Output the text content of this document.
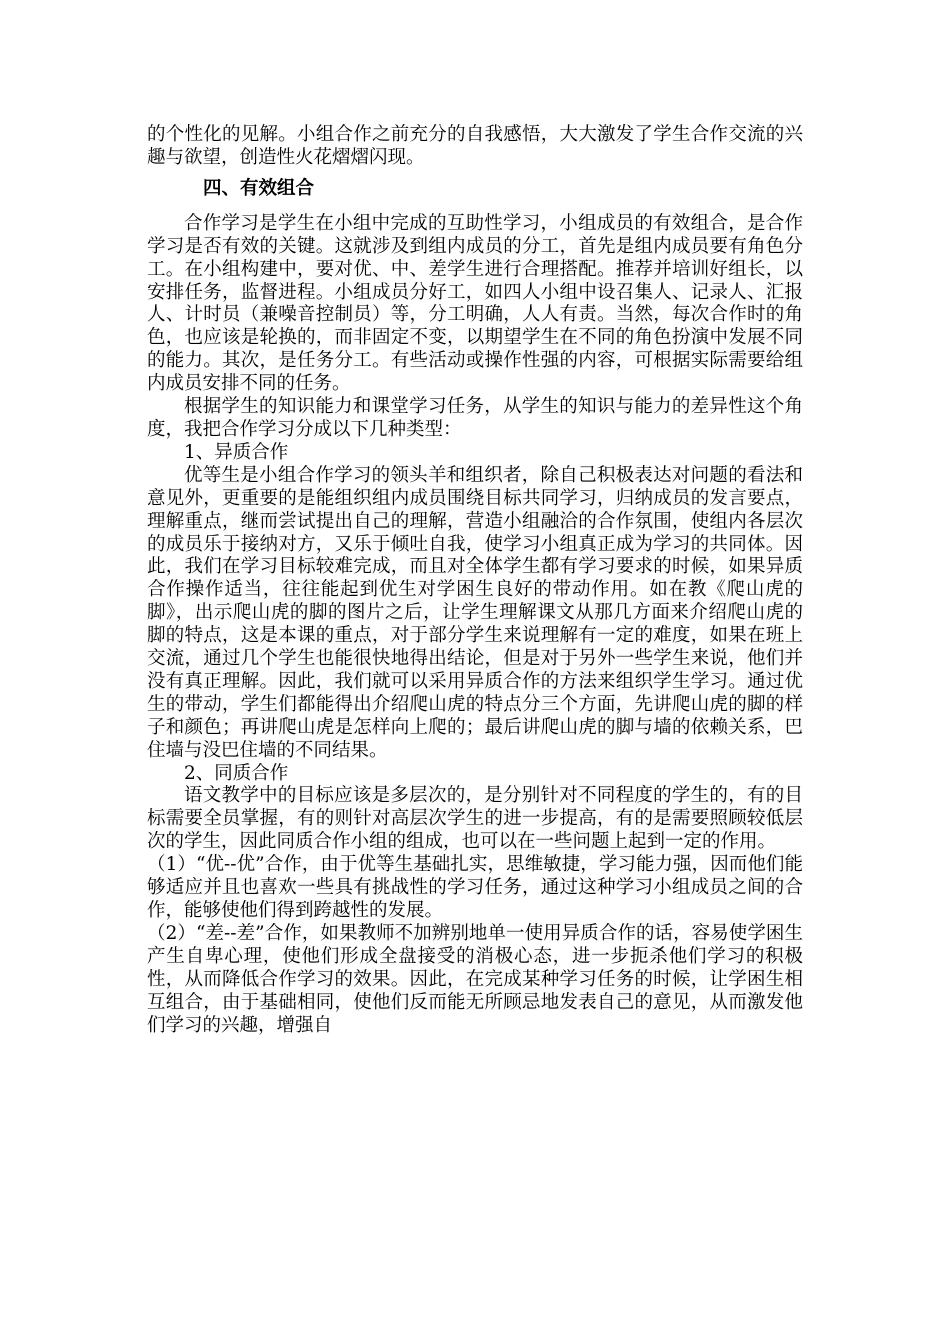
的个性化的见解。小组合作之前充分的自我感悟，大大激发了学生合作交流的兴趣与欲望，创造性火花熠熠闪现。

四、有效组合

合作学习是学生在小组中完成的互助性学习，小组成员的有效组合，是合作学习是否有效的关键。这就涉及到组内成员的分工，首先是组内成员要有角色分工。在小组构建中，要对优、中、差学生进行合理搭配。推荐并培训好组长，以安排任务，监督进程。小组成员分好工，如四人小组中设召集人、记录人、汇报人、计时员（兼噪音控制员）等，分工明确，人人有责。当然，每次合作时的角色，也应该是轮换的，而非固定不变，以期望学生在不同的角色扮演中发展不同的能力。其次，是任务分工。有些活动或操作性强的内容，可根据实际需要给组内成员安排不同的任务。

根据学生的知识能力和课堂学习任务，从学生的知识与能力的差异性这个角度，我把合作学习分成以下几种类型：

1、异质合作

优等生是小组合作学习的领头羊和组织者，除自己积极表达对问题的看法和意见外，更重要的是能组织组内成员围绕目标共同学习，归纳成员的发言要点，理解重点，继而尝试提出自己的理解，营造小组融洽的合作氛围，使组内各层次的成员乐于接纳对方，又乐于倾吐自我，使学习小组真正成为学习的共同体。因此，我们在学习目标较难完成，而且对全体学生都有学习要求的时候，如果异质合作操作适当，往往能起到优生对学困生良好的带动作用。如在教《爬山虎的脚》，出示爬山虎的脚的图片之后，让学生理解课文从那几方面来介绍爬山虎的脚的特点，这是本课的重点，对于部分学生来说理解有一定的难度，如果在班上交流，通过几个学生也能很快地得出结论，但是对于另外一些学生来说，他们并没有真正理解。因此，我们就可以采用异质合作的方法来组织学生学习。通过优生的带动，学生们都能得出介绍爬山虎的特点分三个方面，先讲爬山虎的脚的样子和颜色；再讲爬山虎是怎样向上爬的；最后讲爬山虎的脚与墙的依赖关系，巴住墙与没巴住墙的不同结果。

2、同质合作

语文教学中的目标应该是多层次的，是分别针对不同程度的学生的，有的目标需要全员掌握，有的则针对高层次学生的进一步提高，有的是需要照顾较低层次的学生，因此同质合作小组的组成，也可以在一些问题上起到一定的作用。

（1）“优--优”合作，由于优等生基础扎实，思维敏捷，学习能力强，因而他们能够适应并且也喜欢一些具有挑战性的学习任务，通过这种学习小组成员之间的合作，能够使他们得到跨越性的发展。

（2）“差--差”合作，如果教师不加辨别地单一使用异质合作的话，容易使学困生产生自卑心理，使他们形成全盘接受的消极心态，进一步扼杀他们学习的积极性，从而降低合作学习的效果。因此，在完成某种学习任务的时候，让学困生相互组合，由于基础相同，使他们反而能无所顾忌地发表自己的意见，从而激发他们学习的兴趣，增强自
